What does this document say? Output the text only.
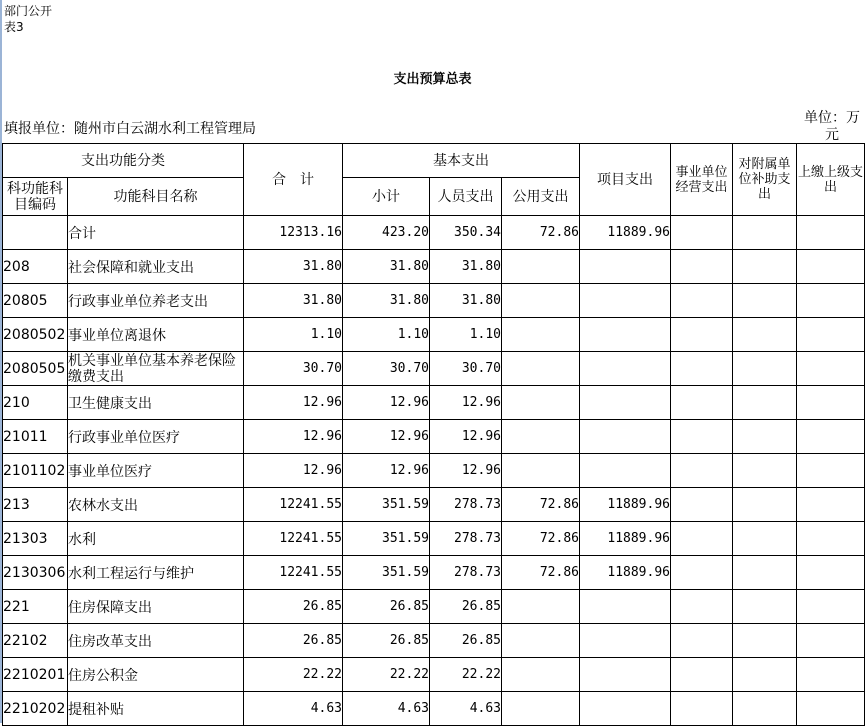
部门公开
表3
支出预算总表
填报单位：随州市白云湖水利工程管理局
单位：万元
支出功能分类		合　计	基本支出			项目支出	事业单位经营支出	对附属单位补助支出	上缴上级支出
科功能科目编码	功能科目名称		小计	人员支出	公用支出				
	合计	12313.16	423.20	350.34	72.86	11889.96			
208	社会保障和就业支出	31.80	31.80	31.80					
20805	行政事业单位养老支出	31.80	31.80	31.80					
2080502	事业单位离退休	1.10	1.10	1.10					
2080505	机关事业单位基本养老保险缴费支出	30.70	30.70	30.70					
210	卫生健康支出	12.96	12.96	12.96					
21011	行政事业单位医疗	12.96	12.96	12.96					
2101102	事业单位医疗	12.96	12.96	12.96					
213	农林水支出	12241.55	351.59	278.73	72.86	11889.96			
21303	水利	12241.55	351.59	278.73	72.86	11889.96			
2130306	水利工程运行与维护	12241.55	351.59	278.73	72.86	11889.96			
221	住房保障支出	26.85	26.85	26.85					
22102	住房改革支出	26.85	26.85	26.85					
2210201	住房公积金	22.22	22.22	22.22					
2210202	提租补贴	4.63	4.63	4.63					
